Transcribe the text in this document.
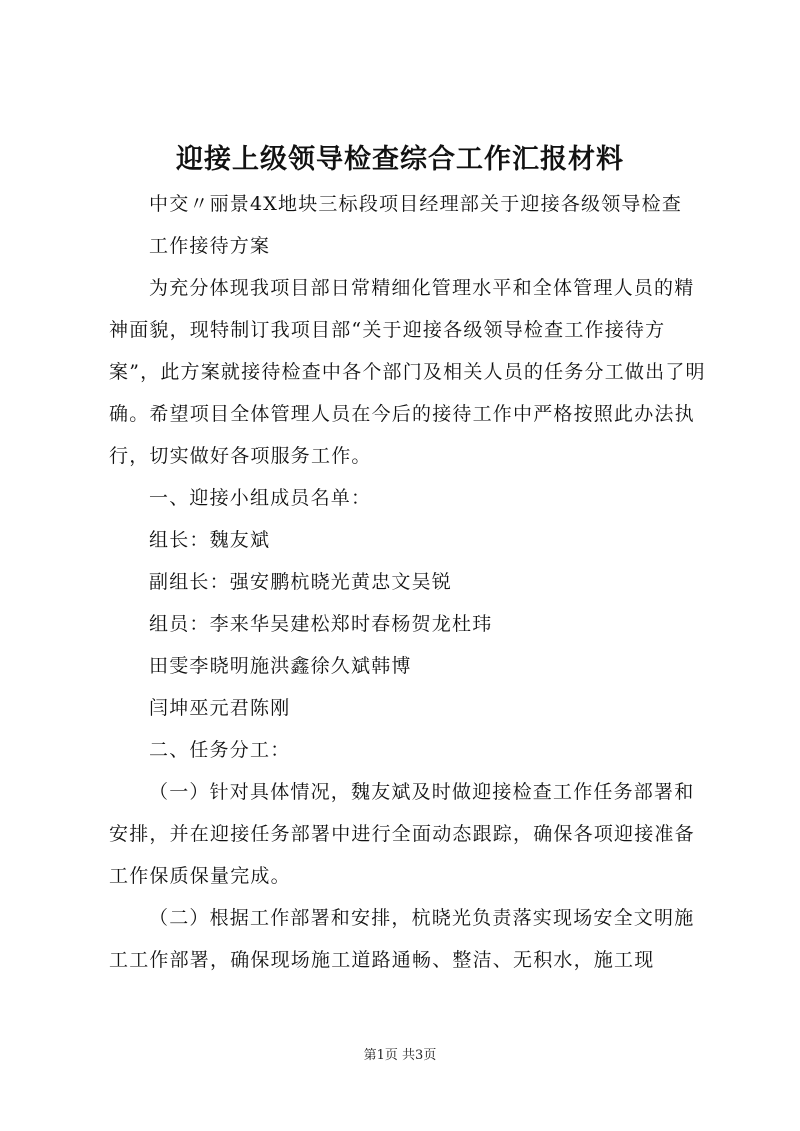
迎接上级领导检查综合工作汇报材料

中交〃丽景4X地块三标段项目经理部关于迎接各级领导检查

工作接待方案

为充分体现我项目部日常精细化管理水平和全体管理人员的精神面貌，现特制订我项目部“关于迎接各级领导检查工作接待方案”，此方案就接待检查中各个部门及相关人员的任务分工做出了明确。希望项目全体管理人员在今后的接待工作中严格按照此办法执行，切实做好各项服务工作。

一、迎接小组成员名单：

组长：魏友斌

副组长：强安鹏杭晓光黄忠文吴锐

组员：李来华吴建松郑时春杨贺龙杜玮

田雯李晓明施洪鑫徐久斌韩博

闫坤巫元君陈刚

二、任务分工：

（一）针对具体情况，魏友斌及时做迎接检查工作任务部署和安排，并在迎接任务部署中进行全面动态跟踪，确保各项迎接准备工作保质保量完成。

（二）根据工作部署和安排，杭晓光负责落实现场安全文明施工工作部署，确保现场施工道路通畅、整洁、无积水，施工现

第1页 共3页
